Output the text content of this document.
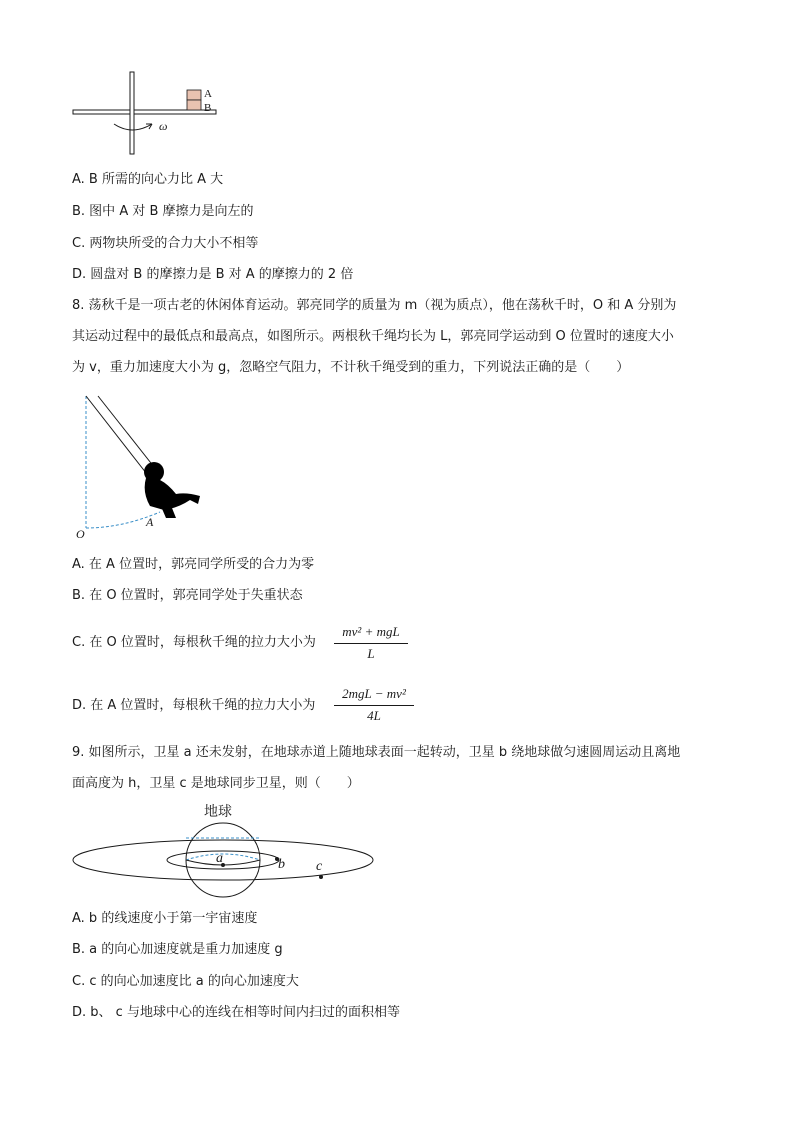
A
B
ω
A. B 所需的向心力比 A 大
B. 图中 A 对 B 摩擦力是向左的
C. 两物块所受的合力大小不相等
D. 圆盘对 B 的摩擦力是 B 对 A 的摩擦力的 2 倍
8. 荡秋千是一项古老的休闲体育运动。郭亮同学的质量为 m（视为质点），他在荡秋千时，O 和 A 分别为
其运动过程中的最低点和最高点，如图所示。两根秋千绳均长为 L，郭亮同学运动到 O 位置时的速度大小
为 v，重力加速度大小为 g，忽略空气阻力，不计秋千绳受到的重力，下列说法正确的是（　　）
O
A
A. 在 A 位置时，郭亮同学所受的合力为零
B. 在 O 位置时，郭亮同学处于失重状态
C. 在 O 位置时，每根秋千绳的拉力大小为
mv² + mgL
L
D. 在 A 位置时，每根秋千绳的拉力大小为
2mgL − mv²
4L
9. 如图所示，卫星 a 还未发射，在地球赤道上随地球表面一起转动，卫星 b 绕地球做匀速圆周运动且离地
面高度为 h，卫星 c 是地球同步卫星，则（　　）
地球
a	b c
A. b 的线速度小于第一宇宙速度
B. a 的向心加速度就是重力加速度 g
C. c 的向心加速度比 a 的向心加速度大
D. b、 c 与地球中心的连线在相等时间内扫过的面积相等
